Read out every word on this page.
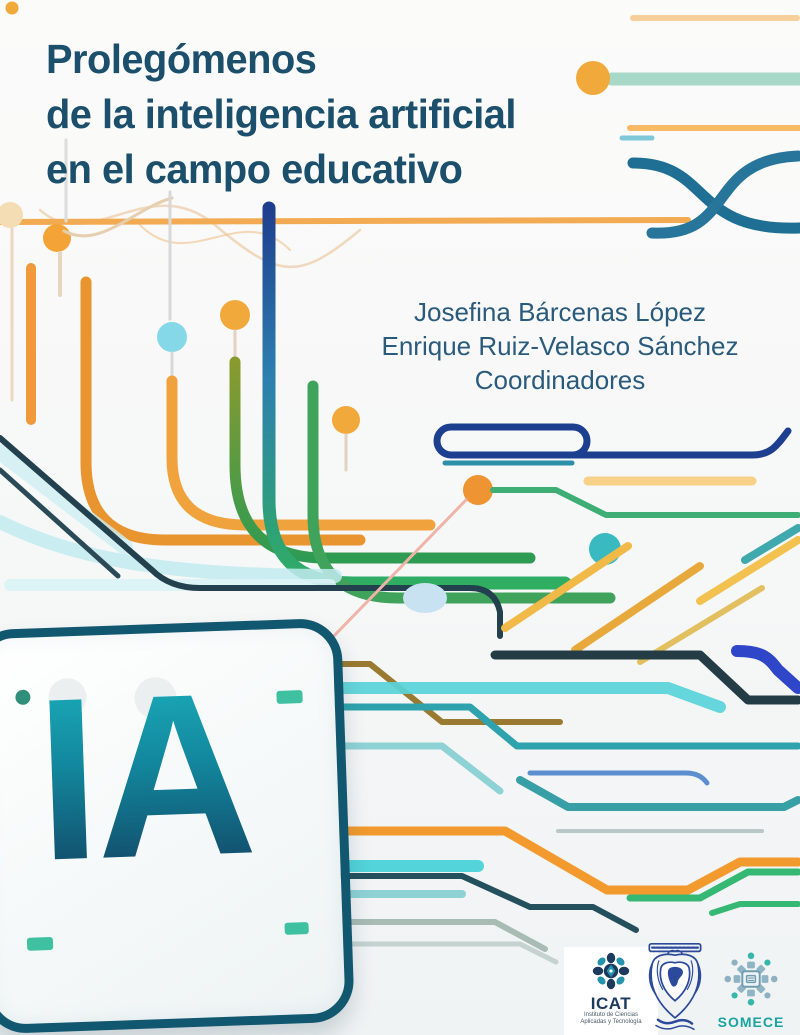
Prolegómenos
de la inteligencia artificial
en el campo educativo
Josefina Bárcenas López
Enrique Ruiz-Velasco Sánchez
Coordinadores
IA
ICAT
Instituto de Ciencias
Aplicadas y Tecnología	SOMECE
